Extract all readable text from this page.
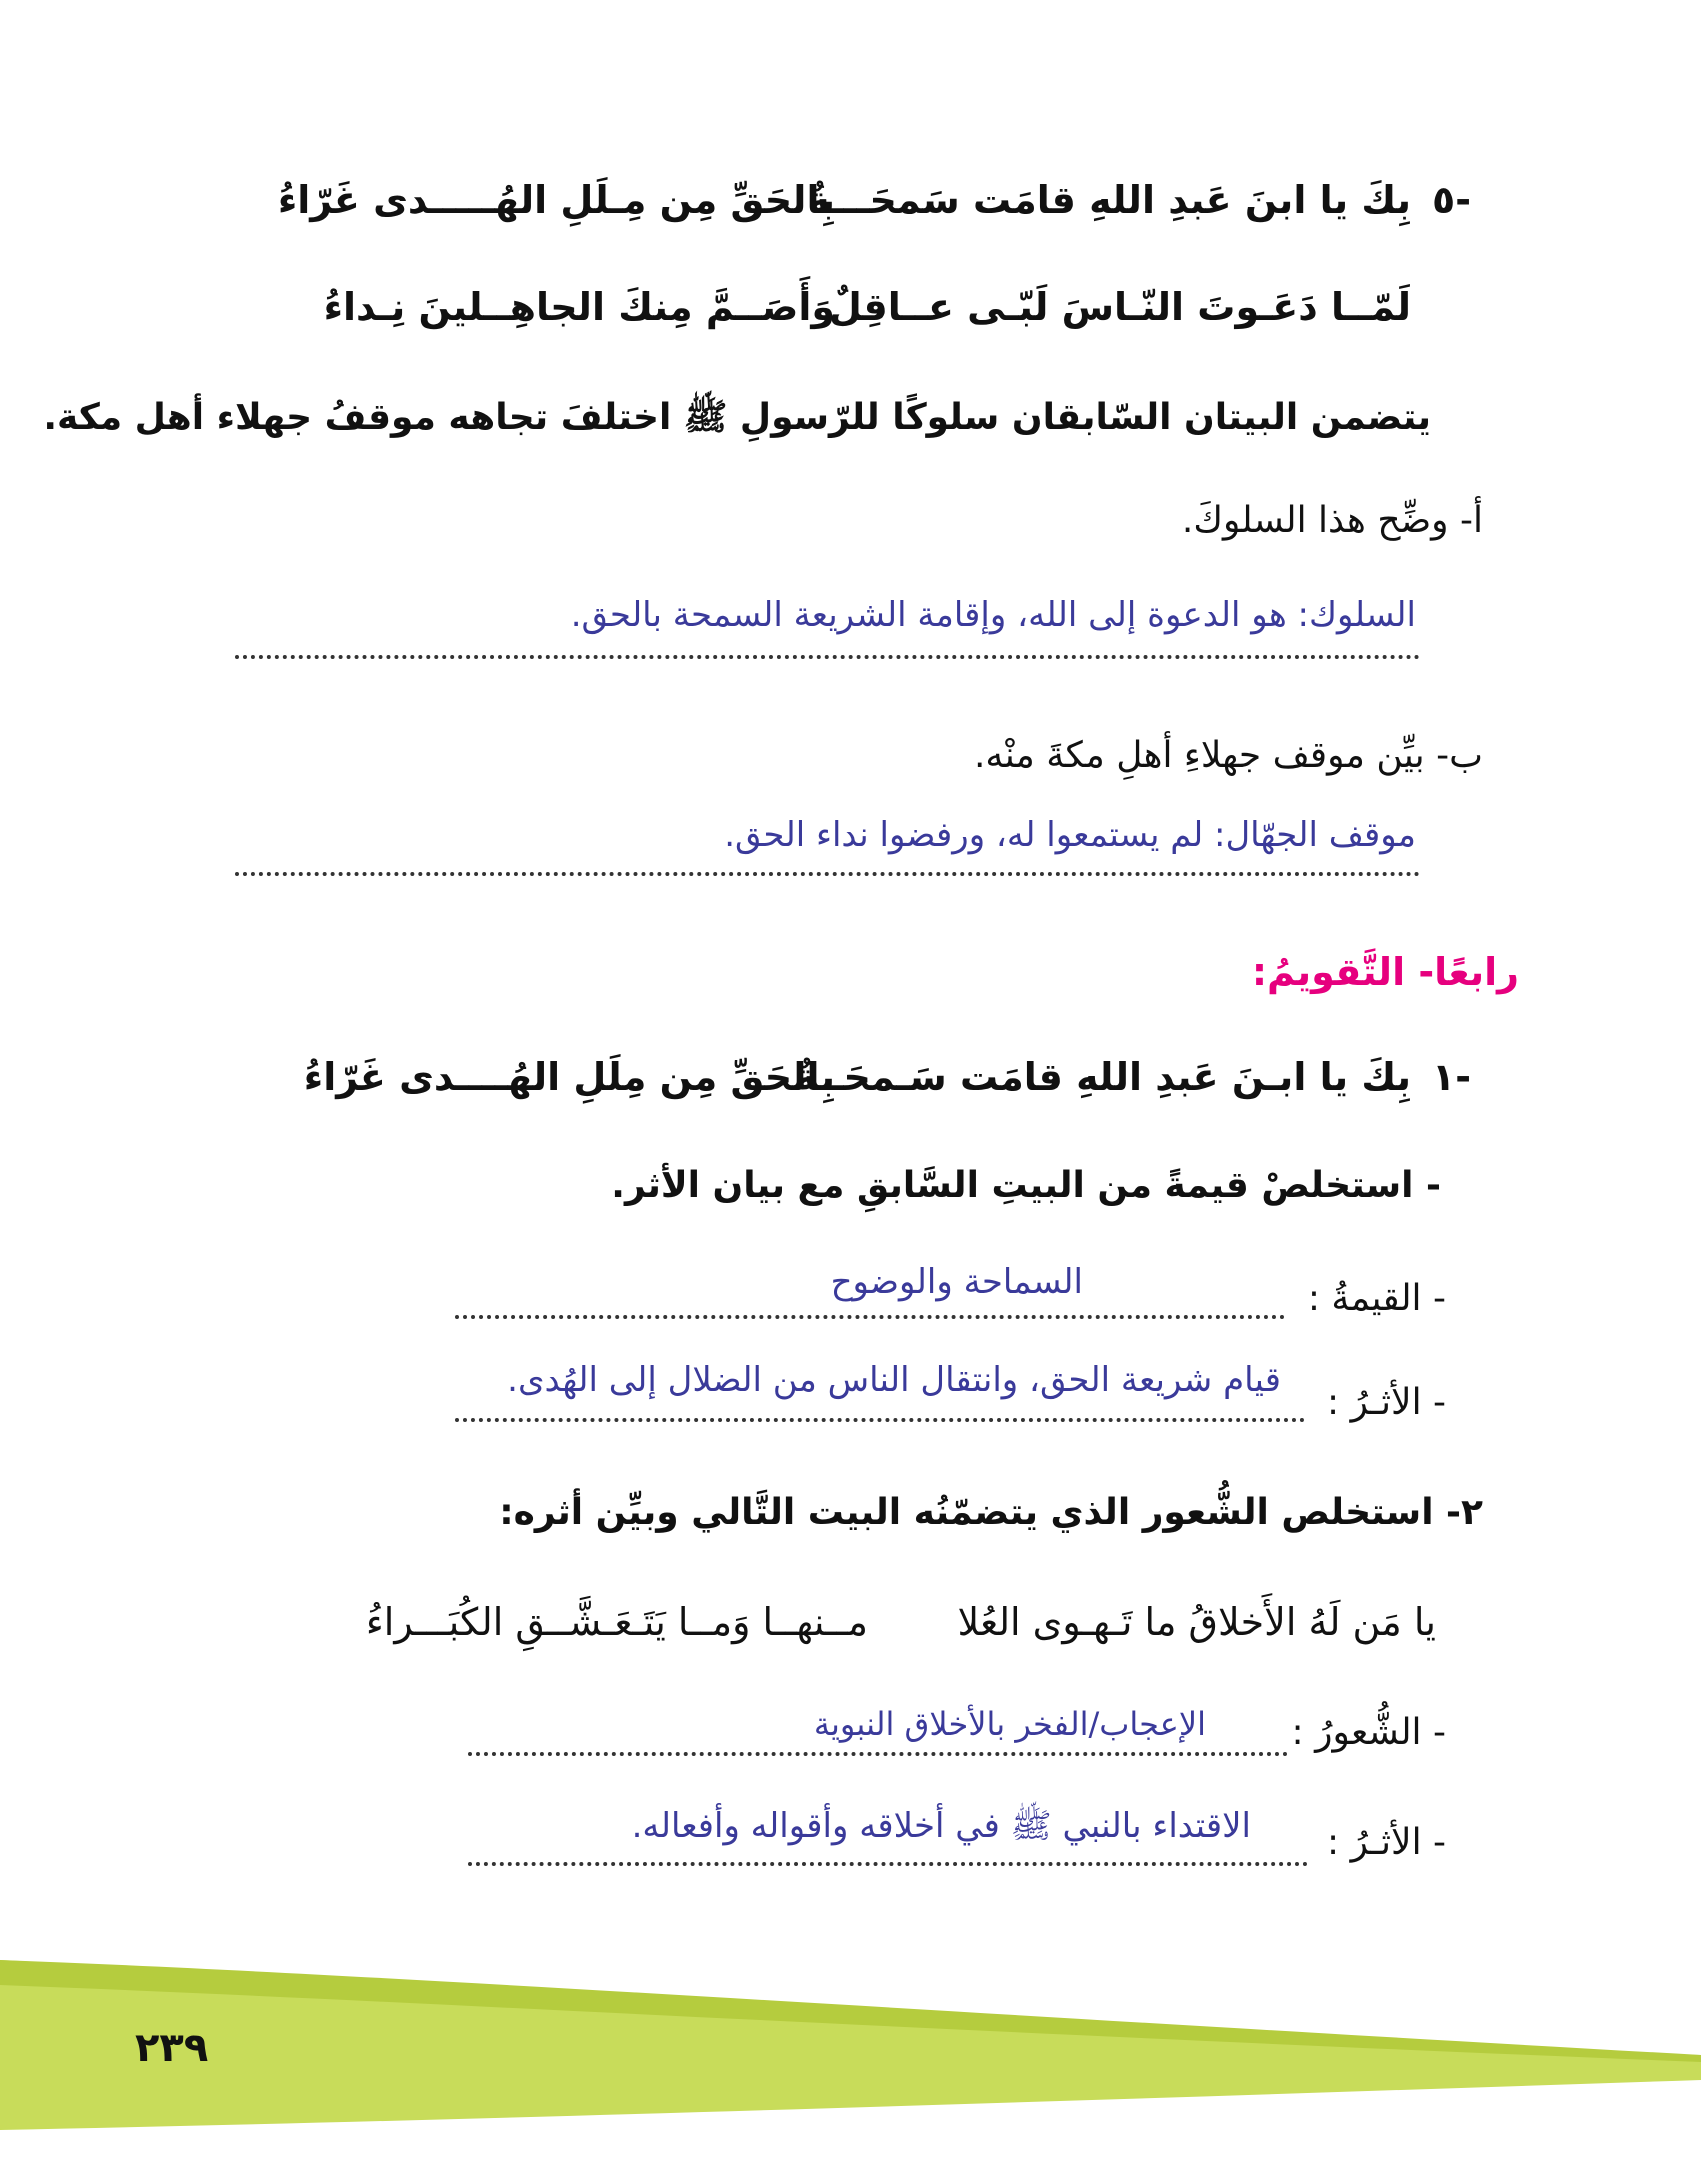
٥-
بِكَ يا ابنَ عَبدِ اللهِ قامَت سَمحَـــةٌ
بِالحَقِّ مِن مِـلَلِ الهُـــــدى غَرّاءُ
لَمّــا دَعَـوتَ النّـاسَ لَبّـى عــاقِلٌ
وَأَصَــمَّ مِنكَ الجاهِــلينَ نِـداءُ
يتضمن البيتان السّابقان سلوكًا للرّسولِ ﷺ اختلفَ تجاهه موقفُ جهلاء أهل مكة.
أ- وضِّح هذا السلوكَ.
السلوك: هو الدعوة إلى الله، وإقامة الشريعة السمحة بالحق.
ب- بيِّن موقف جهلاءِ أهلِ مكةَ منْه.
موقف الجهّال: لم يستمعوا له، ورفضوا نداء الحق.
رابعًا- التَّقويمُ:
١-
بِكَ يا ابـنَ عَبدِ اللهِ قامَت سَـمحَــةٌ
بِالحَقِّ مِن مِلَلِ الهُــــدى غَرّاءُ
- استخلصْ قيمةً من البيتِ السَّابقِ مع بيان الأثر.
- القيمةُ :
السماحة والوضوح
- الأثـرُ :
قيام شريعة الحق، وانتقال الناس من الضلال إلى الهُدى.
٢- استخلص الشُّعور الذي يتضمّنُه البيت التَّالي وبيِّن أثره:
يا مَن لَهُ الأَخلاقُ ما تَـهـوى العُلا
مــنهــا وَمــا يَتَـعَـشَّــقِ الكُبَـــراءُ
- الشُّعورُ :
الإعجاب/الفخر بالأخلاق النبوية
- الأثـرُ :
الاقتداء بالنبي ﷺ في أخلاقه وأقواله وأفعاله.
٢٣٩
